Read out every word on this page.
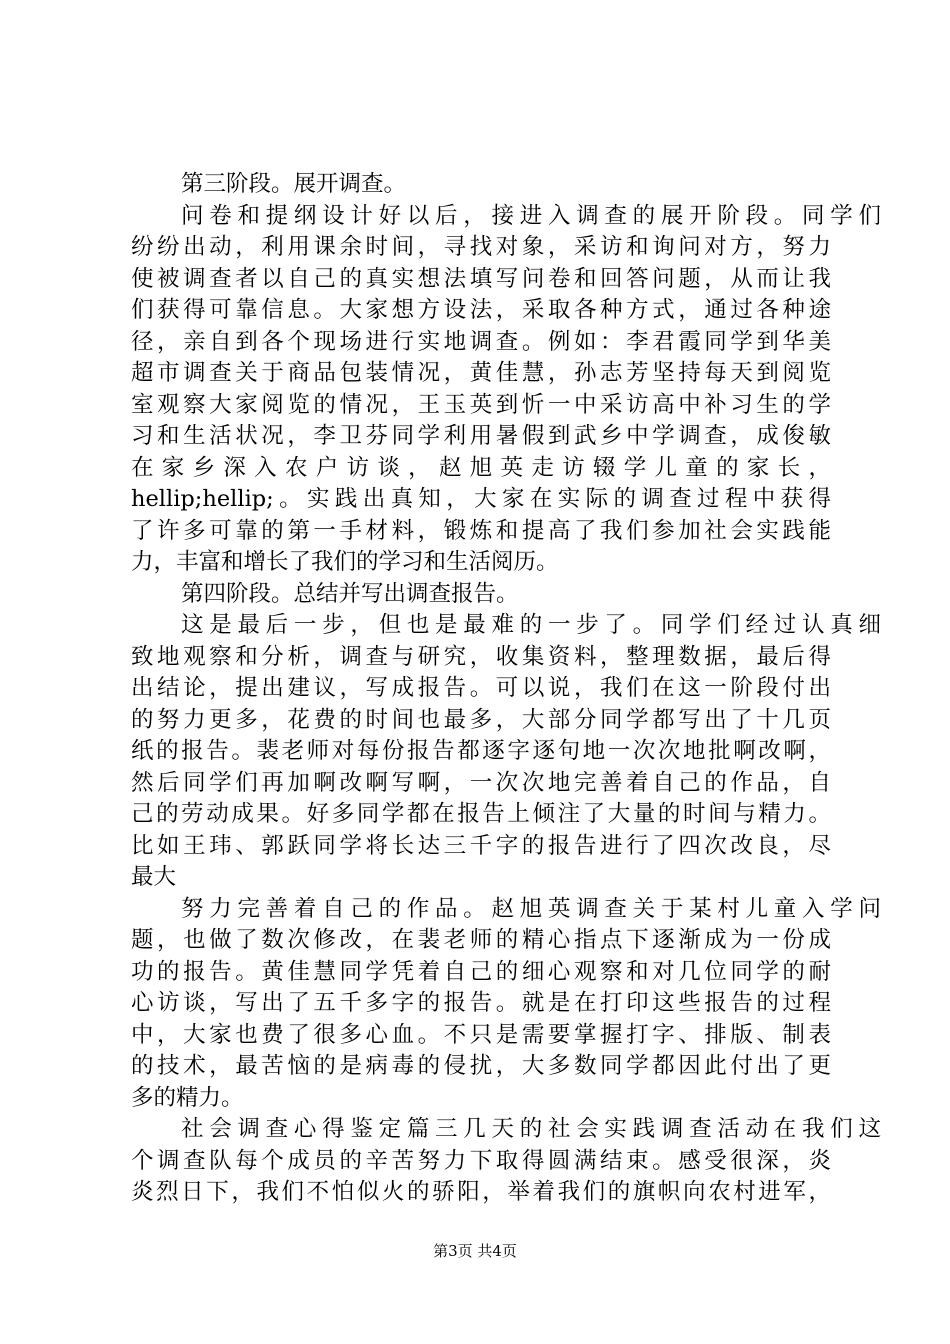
第三阶段。展开调查。
问卷和提纲设计好以后，接进入调查的展开阶段。同学们
纷纷出动，利用课余时间，寻找对象，采访和询问对方，努力
使被调查者以自己的真实想法填写问卷和回答问题，从而让我
们获得可靠信息。大家想方设法，采取各种方式，通过各种途
径，亲自到各个现场进行实地调查。例如：李君霞同学到华美
超市调查关于商品包装情况，黄佳慧，孙志芳坚持每天到阅览
室观察大家阅览的情况，王玉英到忻一中采访高中补习生的学
习和生活状况，李卫芬同学利用暑假到武乡中学调查，成俊敏
在家乡深入农户访谈，赵旭英走访辍学儿童的家长，
hellip;hellip;。实践出真知，大家在实际的调查过程中获得
了许多可靠的第一手材料，锻炼和提高了我们参加社会实践能
力，丰富和增长了我们的学习和生活阅历。
第四阶段。总结并写出调查报告。
这是最后一步，但也是最难的一步了。同学们经过认真细
致地观察和分析，调查与研究，收集资料，整理数据，最后得
出结论，提出建议，写成报告。可以说，我们在这一阶段付出
的努力更多，花费的时间也最多，大部分同学都写出了十几页
纸的报告。裴老师对每份报告都逐字逐句地一次次地批啊改啊，
然后同学们再加啊改啊写啊，一次次地完善着自己的作品，自
己的劳动成果。好多同学都在报告上倾注了大量的时间与精力。
比如王玮、郭跃同学将长达三千字的报告进行了四次改良，尽
最大
努力完善着自己的作品。赵旭英调查关于某村儿童入学问
题，也做了数次修改，在裴老师的精心指点下逐渐成为一份成
功的报告。黄佳慧同学凭着自己的细心观察和对几位同学的耐
心访谈，写出了五千多字的报告。就是在打印这些报告的过程
中，大家也费了很多心血。不只是需要掌握打字、排版、制表
的技术，最苦恼的是病毒的侵扰，大多数同学都因此付出了更
多的精力。
社会调查心得鉴定篇三几天的社会实践调查活动在我们这
个调查队每个成员的辛苦努力下取得圆满结束。感受很深，炎
炎烈日下，我们不怕似火的骄阳，举着我们的旗帜向农村进军，
第3页 共4页
